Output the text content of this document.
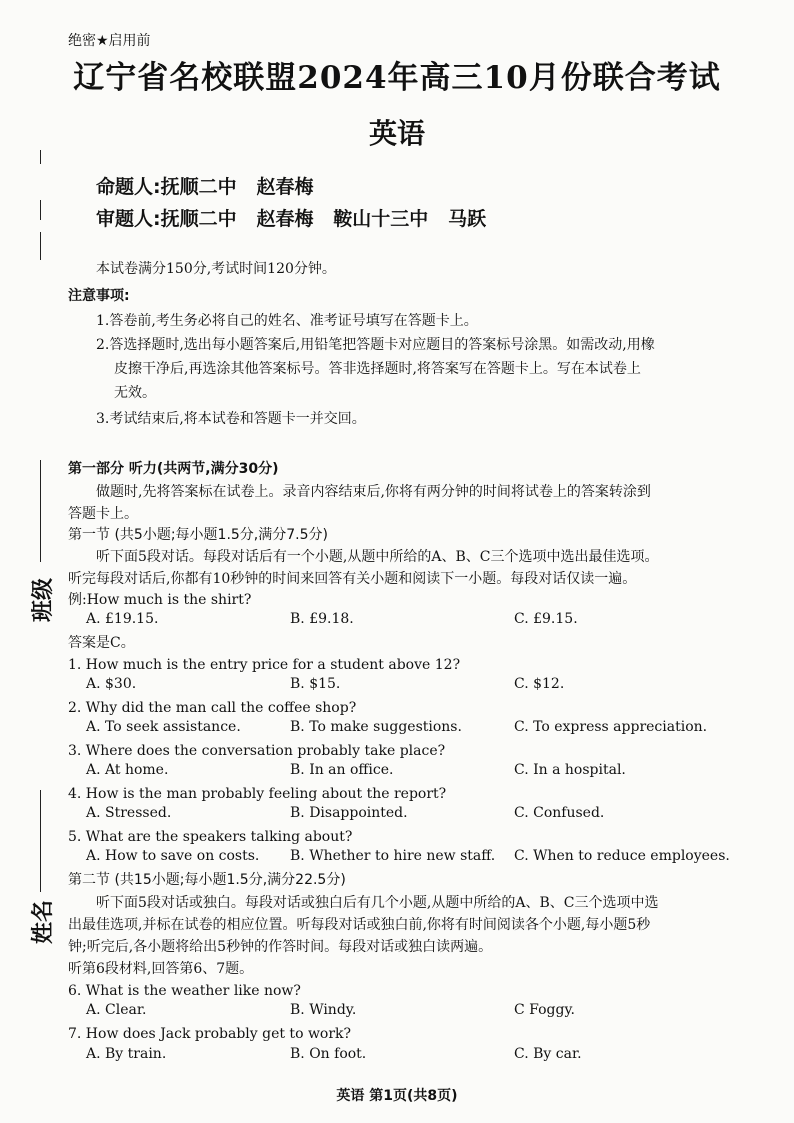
绝密★启用前
辽宁省名校联盟2024年高三10月份联合考试
英语
命题人:抚顺二中   赵春梅
审题人:抚顺二中   赵春梅   鞍山十三中   马跃
本试卷满分150分,考试时间120分钟。
注意事项:
1.答卷前,考生务必将自己的姓名、准考证号填写在答题卡上。
2.答选择题时,选出每小题答案后,用铅笔把答题卡对应题目的答案标号涂黑。如需改动,用橡
皮擦干净后,再选涂其他答案标号。答非选择题时,将答案写在答题卡上。写在本试卷上
无效。
3.考试结束后,将本试卷和答题卡一并交回。
第一部分 听力(共两节,满分30分)
做题时,先将答案标在试卷上。录音内容结束后,你将有两分钟的时间将试卷上的答案转涂到
答题卡上。
第一节 (共5小题;每小题1.5分,满分7.5分)
听下面5段对话。每段对话后有一个小题,从题中所给的A、B、C三个选项中选出最佳选项。
听完每段对话后,你都有10秒钟的时间来回答有关小题和阅读下一小题。每段对话仅读一遍。
例:How much is the shirt?
A. £19.15.	B. £9.18.	C. £9.15.
答案是C。
1. How much is the entry price for a student above 12?
A. $30.	B. $15.	C. $12.
2. Why did the man call the coffee shop?
A. To seek assistance.	B. To make suggestions.	C. To express appreciation.
3. Where does the conversation probably take place?
A. At home.	B. In an office.	C. In a hospital.
4. How is the man probably feeling about the report?
A. Stressed.	B. Disappointed.	C. Confused.
5. What are the speakers talking about?
A. How to save on costs. B. Whether to hire new staff. C. When to reduce employees.
第二节 (共15小题;每小题1.5分,满分22.5分)
听下面5段对话或独白。每段对话或独白后有几个小题,从题中所给的A、B、C三个选项中选
出最佳选项,并标在试卷的相应位置。听每段对话或独白前,你将有时间阅读各个小题,每小题5秒
钟;听完后,各小题将给出5秒钟的作答时间。每段对话或独白读两遍。
听第6段材料,回答第6、7题。
6. What is the weather like now?
A. Clear.	B. Windy.	C Foggy.
7. How does Jack probably get to work?
A. By train.	B. On foot.	C. By car.
班级
姓名
英语 第1页(共8页)
